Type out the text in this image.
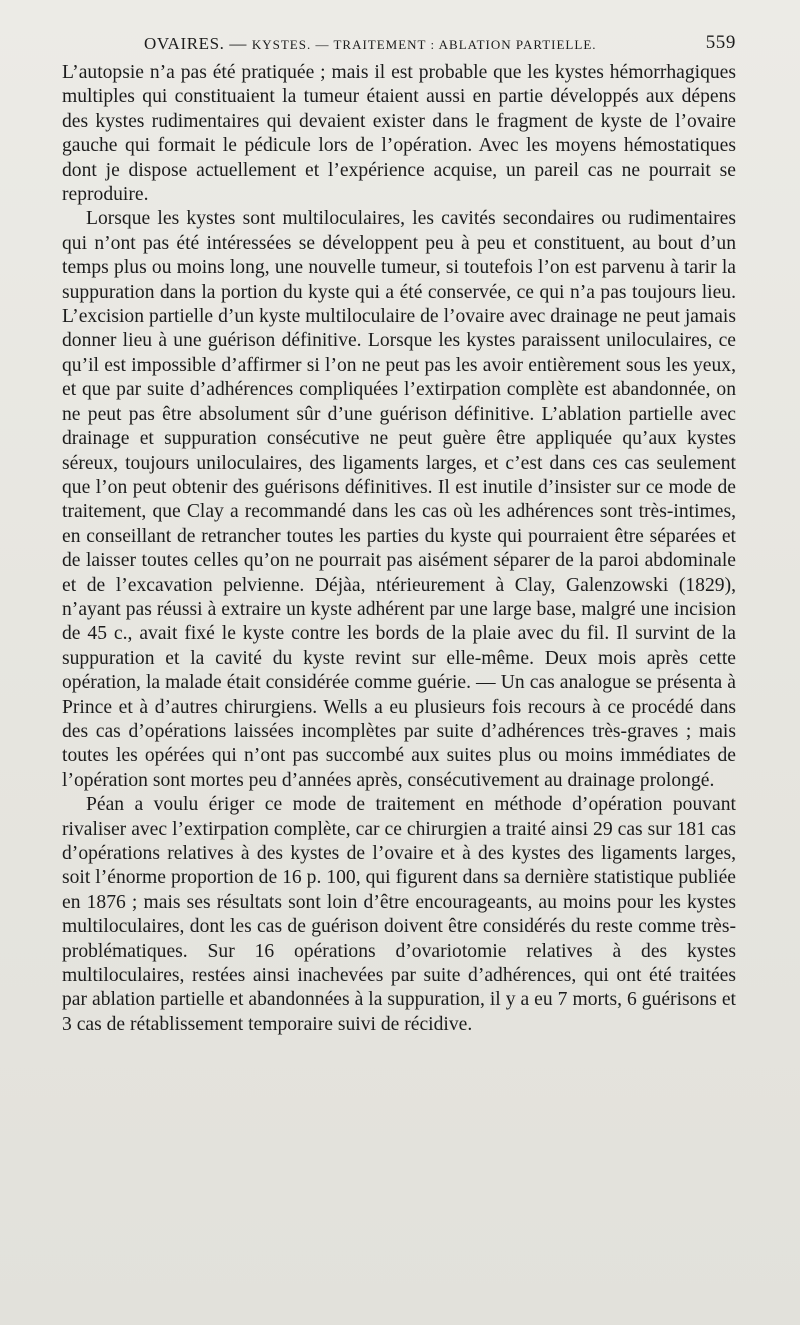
OVAIRES. — KYSTES. — TRAITEMENT : ABLATION PARTIELLE.	559

L’autopsie n’a pas été pratiquée ; mais il est probable que les kystes hémorrhagiques multiples qui constituaient la tumeur étaient aussi en partie développés aux dépens des kystes rudimentaires qui devaient exister dans le fragment de kyste de l’ovaire gauche qui formait le pédicule lors de l’opération. Avec les moyens hémostatiques dont je dispose actuellement et l’expérience acquise, un pareil cas ne pourrait se reproduire.

Lorsque les kystes sont multiloculaires, les cavités secondaires ou rudimentaires qui n’ont pas été intéressées se développent peu à peu et constituent, au bout d’un temps plus ou moins long, une nouvelle tumeur, si toutefois l’on est parvenu à tarir la suppuration dans la portion du kyste qui a été conservée, ce qui n’a pas toujours lieu. L’excision partielle d’un kyste multiloculaire de l’ovaire avec drainage ne peut jamais donner lieu à une guérison définitive. Lorsque les kystes paraissent uniloculaires, ce qu’il est impossible d’affirmer si l’on ne peut pas les avoir entièrement sous les yeux, et que par suite d’adhérences compliquées l’extirpation complète est abandonnée, on ne peut pas être absolument sûr d’une guérison définitive. L’ablation partielle avec drainage et suppuration consécutive ne peut guère être appliquée qu’aux kystes séreux, toujours uniloculaires, des ligaments larges, et c’est dans ces cas seulement que l’on peut obtenir des guérisons définitives. Il est inutile d’insister sur ce mode de traitement, que Clay a recommandé dans les cas où les adhérences sont très-intimes, en conseillant de retrancher toutes les parties du kyste qui pourraient être séparées et de laisser toutes celles qu’on ne pourrait pas aisément séparer de la paroi abdominale et de l’excavation pelvienne. Déjàa, ntérieurement à Clay, Galenzowski (1829), n’ayant pas réussi à extraire un kyste adhérent par une large base, malgré une incision de 45 c., avait fixé le kyste contre les bords de la plaie avec du fil. Il survint de la suppuration et la cavité du kyste revint sur elle-même. Deux mois après cette opération, la malade était considérée comme guérie. — Un cas analogue se présenta à Prince et à d’autres chirurgiens. Wells a eu plusieurs fois recours à ce procédé dans des cas d’opérations laissées incomplètes par suite d’adhérences très-graves ; mais toutes les opérées qui n’ont pas succombé aux suites plus ou moins immédiates de l’opération sont mortes peu d’années après, consécutivement au drainage prolongé.

Péan a voulu ériger ce mode de traitement en méthode d’opération pouvant rivaliser avec l’extirpation complète, car ce chirurgien a traité ainsi 29 cas sur 181 cas d’opérations relatives à des kystes de l’ovaire et à des kystes des ligaments larges, soit l’énorme proportion de 16 p. 100, qui figurent dans sa dernière statistique publiée en 1876 ; mais ses résultats sont loin d’être encourageants, au moins pour les kystes multiloculaires, dont les cas de guérison doivent être considérés du reste comme très-problématiques. Sur 16 opérations d’ovariotomie relatives à des kystes multiloculaires, restées ainsi inachevées par suite d’adhérences, qui ont été traitées par ablation partielle et abandonnées à la suppuration, il y a eu 7 morts, 6 guérisons et 3 cas de rétablissement temporaire suivi de récidive.
